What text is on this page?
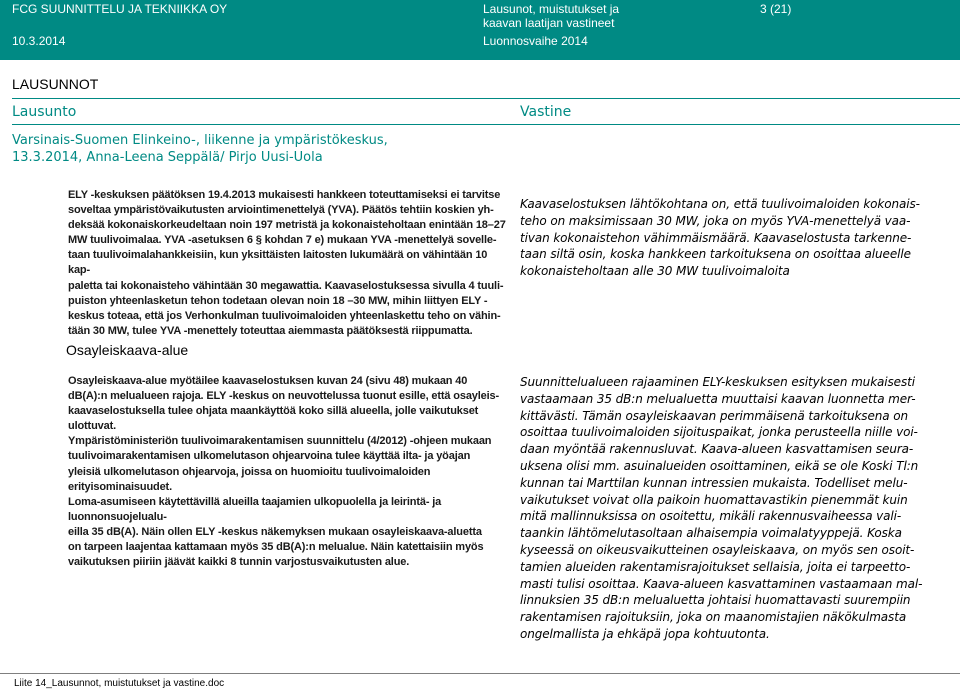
FCG SUUNNITTELU JA TEKNIIKKA OY
10.3.2014
Lausunot, muistutukset ja
kaavan laatijan vastineet
Luonnosvaihe 2014
3 (21)
LAUSUNNOT
Lausunto	Vastine
Varsinais-Suomen Elinkeino-, liikenne ja ympäristökeskus,
13.3.2014, Anna-Leena Seppälä/ Pirjo Uusi-Uola
ELY -keskuksen päätöksen 19.4.2013 mukaisesti hankkeen toteuttamiseksi ei tarvitse
soveltaa ympäristövaikutusten arviointimenettelyä (YVA). Päätös tehtiin koskien yh-
deksää kokonaiskorkeudeltaan noin 197 metristä ja kokonaisteholtaan enintään 18–27
MW tuulivoimalaa. YVA -asetuksen 6 § kohdan 7 e) mukaan YVA -menettelyä sovelle-
taan tuulivoimalahankkeisiin, kun yksittäisten laitosten lukumäärä on vähintään 10 kap-
paletta tai kokonaisteho vähintään 30 megawattia. Kaavaselostuksessa sivulla 4 tuuli-
puiston yhteenlasketun tehon todetaan olevan noin 18 –30 MW, mihin liittyen ELY -
keskus toteaa, että jos Verhonkulman tuulivoimaloiden yhteenlaskettu teho on vähin-
tään 30 MW, tulee YVA -menettely toteuttaa aiemmasta päätöksestä riippumatta.
Kaavaselostuksen lähtökohtana on, että tuulivoimaloiden kokonais-
teho on maksimissaan 30 MW, joka on myös YVA-menettelyä vaa-
tivan kokonaistehon vähimmäismäärä. Kaavaselostusta tarkenne-
taan siltä osin, koska hankkeen tarkoituksena on osoittaa alueelle
kokonaisteholtaan alle 30 MW tuulivoimaloita
Osayleiskaava-alue
Osayleiskaava-alue myötäilee kaavaselostuksen kuvan 24 (sivu 48) mukaan 40
dB(A):n melualueen rajoja. ELY -keskus on neuvottelussa tuonut esille, että osayleis-
kaavaselostuksella tulee ohjata maankäyttöä koko sillä alueella, jolle vaikutukset ulottuvat.
Ympäristöministeriön tuulivoimarakentamisen suunnittelu (4/2012) -ohjeen mukaan
tuulivoimarakentamisen ulkomelutason ohjearvoina tulee käyttää ilta- ja yöajan
yleisiä ulkomelutason ohjearvoja, joissa on huomioitu tuulivoimaloiden erityisominaisuudet.
Loma-asumiseen käytettävillä alueilla taajamien ulkopuolella ja leirintä- ja luonnonsuojelualu-
eilla 35 dB(A). Näin ollen ELY -keskus näkemyksen mukaan osayleiskaava-aluetta
on tarpeen laajentaa kattamaan myös 35 dB(A):n melualue. Näin katettaisiin myös
vaikutuksen piiriin jäävät kaikki 8 tunnin varjostusvaikutusten alue.
Suunnittelualueen rajaaminen ELY-keskuksen esityksen mukaisesti
vastaamaan 35 dB:n melualuetta muuttaisi kaavan luonnetta mer-
kittävästi. Tämän osayleiskaavan perimmäisenä tarkoituksena on
osoittaa tuulivoimaloiden sijoituspaikat, jonka perusteella niille voi-
daan myöntää rakennusluvat. Kaava-alueen kasvattamisen seura-
uksena olisi mm. asuinalueiden osoittaminen, eikä se ole Koski Tl:n
kunnan tai Marttilan kunnan intressien mukaista. Todelliset melu-
vaikutukset voivat olla paikoin huomattavastikin pienemmät kuin
mitä mallinnuksissa on osoitettu, mikäli rakennusvaiheessa vali-
taankin lähtömelutasoltaan alhaisempia voimalatyyppejä. Koska
kyseessä on oikeusvaikutteinen osayleiskaava, on myös sen osoit-
tamien alueiden rakentamisrajoitukset sellaisia, joita ei tarpeetto-
masti tulisi osoittaa. Kaava-alueen kasvattaminen vastaamaan mal-
linnuksien 35 dB:n melualuetta johtaisi huomattavasti suurempiin
rakentamisen rajoituksiin, joka on maanomistajien näkökulmasta
ongelmallista ja ehkäpä jopa kohtuutonta.
Liite 14_Lausunnot, muistutukset ja vastine.doc
